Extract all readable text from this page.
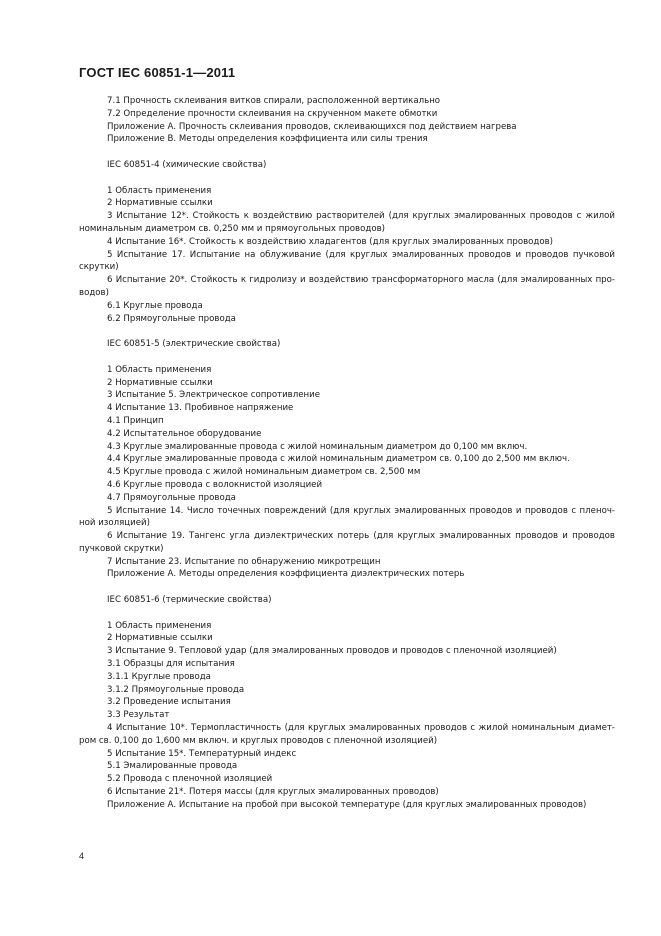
ГОСТ IEC 60851-1—2011
7.1 Прочность склеивания витков спирали, расположенной вертикально
7.2 Определение прочности склеивания на скрученном макете обмотки
Приложение А. Прочность склеивания проводов, склеивающихся под действием нагрева
Приложение В. Методы определения коэффициента или силы трения
IEC 60851-4 (химические свойства)
1 Область применения
2 Нормативные ссылки
3 Испытание 12*. Стойкость к воздействию растворителей (для круглых эмалированных проводов с жилой
номинальным диаметром св. 0,250 мм и прямоугольных проводов)
4 Испытание 16*. Стойкость к воздействию хладагентов (для круглых эмалированных проводов)
5 Испытание 17. Испытание на облуживание (для круглых эмалированных проводов и проводов пучковой
скрутки)
6 Испытание 20*. Стойкость к гидролизу и воздействию трансформаторного масла (для эмалированных про-
водов)
6.1 Круглые провода
6.2 Прямоугольные провода
IEC 60851-5 (электрические свойства)
1 Область применения
2 Нормативные ссылки
3 Испытание 5. Электрическое сопротивление
4 Испытание 13. Пробивное напряжение
4.1 Принцип
4.2 Испытательное оборудование
4.3 Круглые эмалированные провода с жилой номинальным диаметром до 0,100 мм включ.
4.4 Круглые эмалированные провода с жилой номинальным диаметром св. 0,100 до 2,500 мм включ.
4.5 Круглые провода с жилой номинальным диаметром св. 2,500 мм
4.6 Круглые провода с волокнистой изоляцией
4.7 Прямоугольные провода
5 Испытание 14. Число точечных повреждений (для круглых эмалированных проводов и проводов с пленоч-
ной изоляцией)
6 Испытание 19. Тангенс угла диэлектрических потерь (для круглых эмалированных проводов и проводов
пучковой скрутки)
7 Испытание 23. Испытание по обнаружению микротрещин
Приложение А. Методы определения коэффициента диэлектрических потерь
IEC 60851-6 (термические свойства)
1 Область применения
2 Нормативные ссылки
3 Испытание 9. Тепловой удар (для эмалированных проводов и проводов с пленочной изоляцией)
3.1 Образцы для испытания
3.1.1 Круглые провода
3.1.2 Прямоугольные провода
3.2 Проведение испытания
3.3 Результат
4 Испытание 10*. Термопластичность (для круглых эмалированных проводов с жилой номинальным диамет-
ром св. 0,100 до 1,600 мм включ. и круглых проводов с пленочной изоляцией)
5 Испытание 15*. Температурный индекс
5.1 Эмалированные провода
5.2 Провода с пленочной изоляцией
6 Испытание 21*. Потеря массы (для круглых эмалированных проводов)
Приложение А. Испытание на пробой при высокой температуре (для круглых эмалированных проводов)
4
